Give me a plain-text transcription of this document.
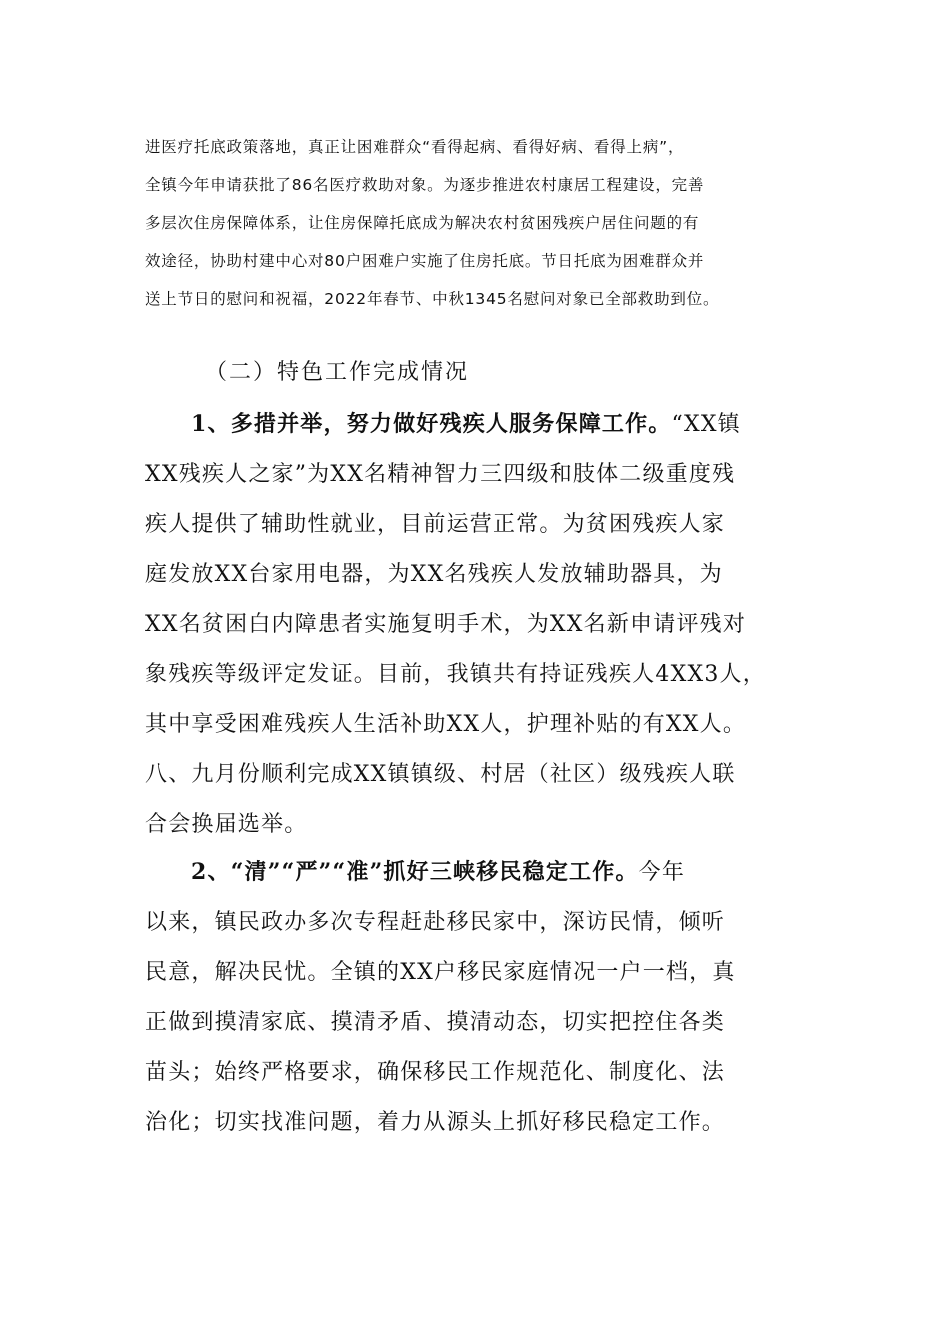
进医疗托底政策落地，真正让困难群众“看得起病、看得好病、看得上病”，

全镇今年申请获批了86名医疗救助对象。为逐步推进农村康居工程建设，完善

多层次住房保障体系，让住房保障托底成为解决农村贫困残疾户居住问题的有

效途径，协助村建中心对80户困难户实施了住房托底。节日托底为困难群众并

送上节日的慰问和祝福，2022年春节、中秋1345名慰问对象已全部救助到位。

（二）特色工作完成情况

1、多措并举，努力做好残疾人服务保障工作。“XX镇

XX残疾人之家”为XX名精神智力三四级和肢体二级重度残

疾人提供了辅助性就业，目前运营正常。为贫困残疾人家

庭发放XX台家用电器，为XX名残疾人发放辅助器具，为

XX名贫困白内障患者实施复明手术，为XX名新申请评残对

象残疾等级评定发证。目前，我镇共有持证残疾人4XX3人，

其中享受困难残疾人生活补助XX人，护理补贴的有XX人。

八、九月份顺利完成XX镇镇级、村居（社区）级残疾人联

合会换届选举。

2、“清”“严”“准”抓好三峡移民稳定工作。今年

以来，镇民政办多次专程赶赴移民家中，深访民情，倾听

民意，解决民忧。全镇的XX户移民家庭情况一户一档，真

正做到摸清家底、摸清矛盾、摸清动态，切实把控住各类

苗头；始终严格要求，确保移民工作规范化、制度化、法

治化；切实找准问题，着力从源头上抓好移民稳定工作。
